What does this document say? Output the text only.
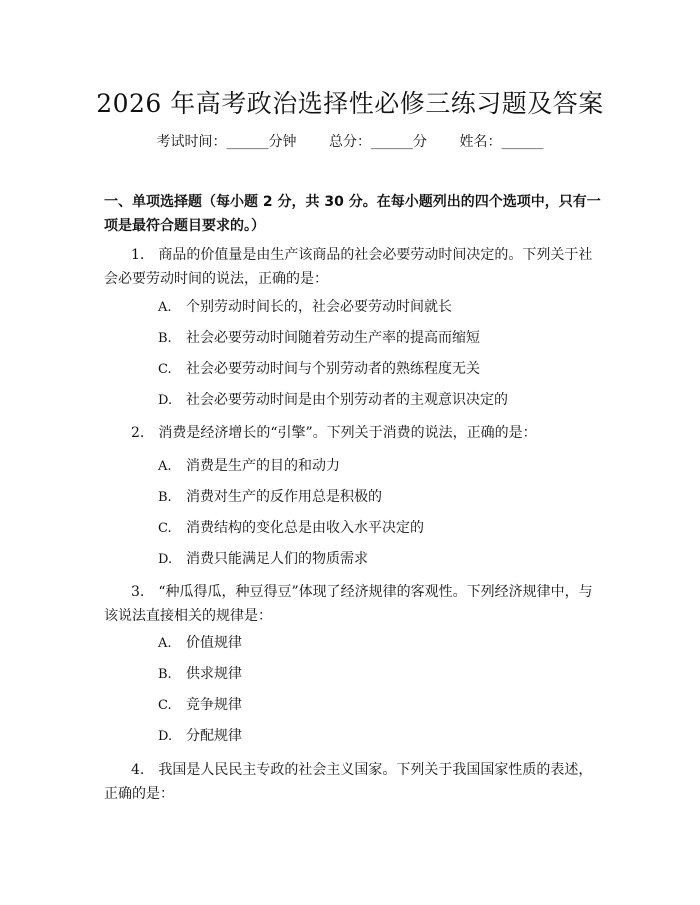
2026 年高考政治选择性必修三练习题及答案
考试时间：______分钟 总分：______分 姓名：______
一、单项选择题（每小题 2 分，共 30 分。在每小题列出的四个选项中，只有一项是最符合题目要求的。）
1. 商品的价值量是由生产该商品的社会必要劳动时间决定的。下列关于社会必要劳动时间的说法，正确的是：
A. 个别劳动时间长的，社会必要劳动时间就长
B. 社会必要劳动时间随着劳动生产率的提高而缩短
C. 社会必要劳动时间与个别劳动者的熟练程度无关
D. 社会必要劳动时间是由个别劳动者的主观意识决定的
2. 消费是经济增长的“引擎”。下列关于消费的说法，正确的是：
A. 消费是生产的目的和动力
B. 消费对生产的反作用总是积极的
C. 消费结构的变化总是由收入水平决定的
D. 消费只能满足人们的物质需求
3. “种瓜得瓜，种豆得豆”体现了经济规律的客观性。下列经济规律中，与该说法直接相关的规律是：
A. 价值规律
B. 供求规律
C. 竞争规律
D. 分配规律
4. 我国是人民民主专政的社会主义国家。下列关于我国国家性质的表述，正确的是：
